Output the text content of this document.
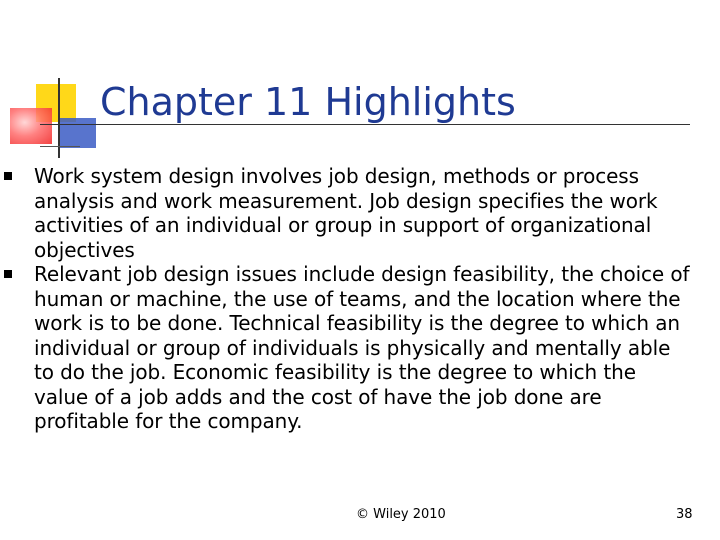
Chapter 11 Highlights
Work system design involves job design, methods or process analysis and work measurement. Job design specifies the work activities of an individual or group in support of organizational objectives
Relevant job design issues include design feasibility, the choice of human or machine, the use of teams, and the location where the work is to be done. Technical feasibility is the degree to which an individual or group of individuals is physically and mentally able to do the job. Economic feasibility is the degree to which the value of a job adds and the cost of have the job done are profitable for the company.
© Wiley 2010	38
